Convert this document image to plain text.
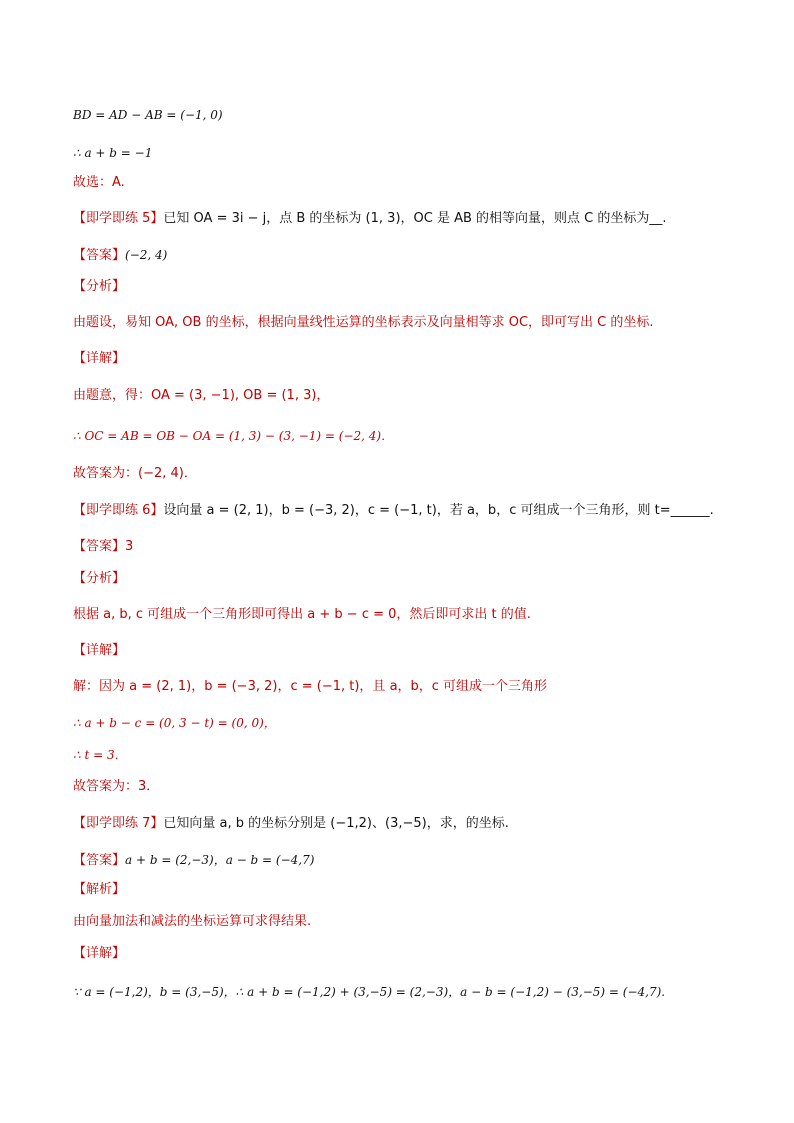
BD = AD − AB = (−1, 0)
∴ a + b = −1
故选：A.
【即学即练 5】已知 OA = 3i − j，点 B 的坐标为 (1, 3)，OC 是 AB 的相等向量，则点 C 的坐标为__.
【答案】(−2, 4)
【分析】
由题设，易知 OA, OB 的坐标，根据向量线性运算的坐标表示及向量相等求 OC，即可写出 C 的坐标.
【详解】
由题意，得：OA = (3, −1), OB = (1, 3)，
∴ OC = AB = OB − OA = (1, 3) − (3, −1) = (−2, 4)．
故答案为：(−2, 4)．
【即学即练 6】设向量 a = (2, 1)，b = (−3, 2)，c = (−1, t)，若 a，b，c 可组成一个三角形，则 t=______.
【答案】3
【分析】
根据 a, b, c 可组成一个三角形即可得出 a + b − c = 0，然后即可求出 t 的值.
【详解】
解：因为 a = (2, 1)，b = (−3, 2)，c = (−1, t)，且 a，b，c 可组成一个三角形
∴ a + b − c = (0, 3 − t) = (0, 0)，
∴ t = 3．
故答案为：3．
【即学即练 7】已知向量 a, b 的坐标分别是 (−1,2)、(3,−5)，求，的坐标.
【答案】a + b = (2,−3)，a − b = (−4,7)
【解析】
由向量加法和减法的坐标运算可求得结果.
【详解】
∵ a = (−1,2)，b = (3,−5)，∴ a + b = (−1,2) + (3,−5) = (2,−3)，a − b = (−1,2) − (3,−5) = (−4,7).
